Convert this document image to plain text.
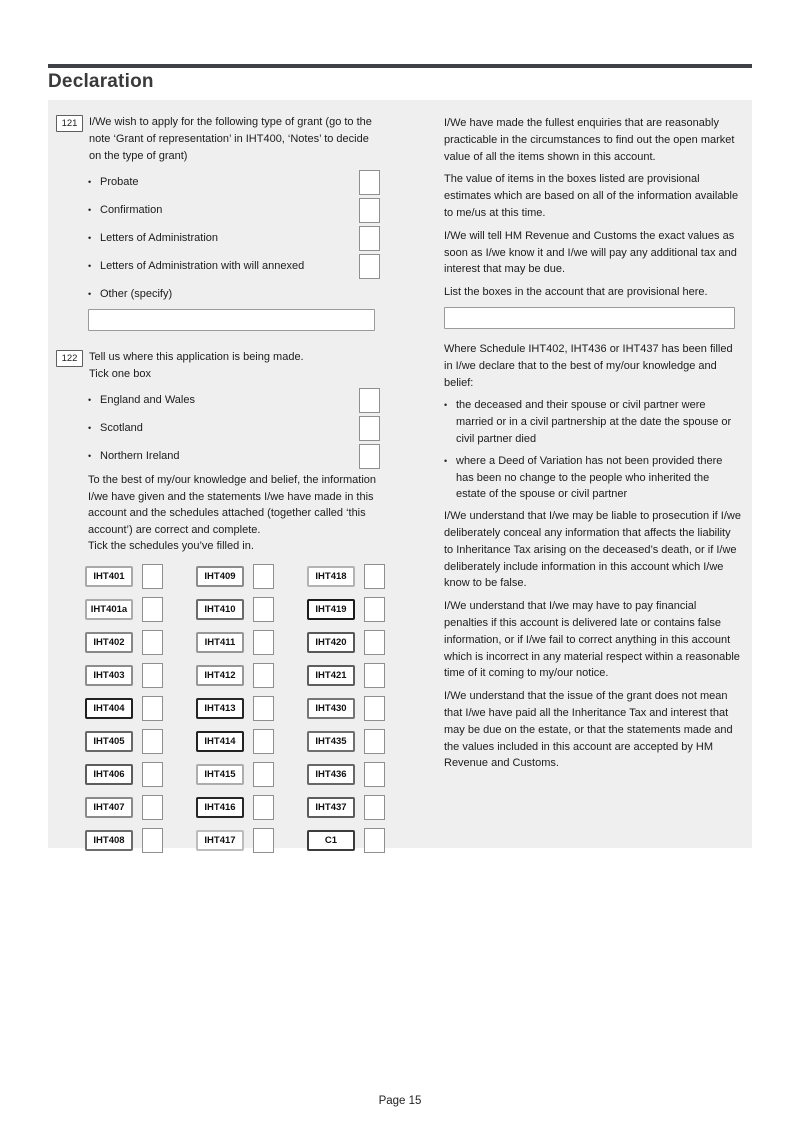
Declaration
121	I/We wish to apply for the following type of grant (go to the note ‘Grant of representation’ in IHT400, ‘Notes’ to decide on the type of grant)
• Probate
• Confirmation
• Letters of Administration
• Letters of Administration with will annexed
• Other (specify)
122	Tell us where this application is being made.
Tick one box
• England and Wales
• Scotland
• Northern Ireland

To the best of my/our knowledge and belief, the information I/we have given and the statements I/we have made in this account and the schedules attached (together called ‘this account’) are correct and complete.
Tick the schedules you’ve filled in.

IHT401	IHT409	IHT418
IHT401a	IHT410	IHT419
IHT402	IHT411	IHT420
IHT403	IHT412	IHT421
IHT404	IHT413	IHT430
IHT405	IHT414	IHT435
IHT406	IHT415	IHT436
IHT407	IHT416	IHT437
IHT408	IHT417	C1

I/We have made the fullest enquiries that are reasonably practicable in the circumstances to find out the open market value of all the items shown in this account.

The value of items in the boxes listed are provisional estimates which are based on all of the information available to me/us at this time.

I/We will tell HM Revenue and Customs the exact values as soon as I/we know it and I/we will pay any additional tax and interest that may be due.

List the boxes in the account that are provisional here.

Where Schedule IHT402, IHT436 or IHT437 has been filled in I/we declare that to the best of my/our knowledge and belief:

• the deceased and their spouse or civil partner were married or in a civil partnership at the date the spouse or civil partner died
• where a Deed of Variation has not been provided there has been no change to the people who inherited the estate of the spouse or civil partner

I/We understand that I/we may be liable to prosecution if I/we deliberately conceal any information that affects the liability to Inheritance Tax arising on the deceased’s death, or if I/we deliberately include information in this account which I/we know to be false.

I/We understand that I/we may have to pay financial penalties if this account is delivered late or contains false information, or if I/we fail to correct anything in this account which is incorrect in any material respect within a reasonable time of it coming to my/our notice.

I/We understand that the issue of the grant does not mean that I/we have paid all the Inheritance Tax and interest that may be due on the estate, or that the statements made and the values included in this account are accepted by HM Revenue and Customs.

Page 15
